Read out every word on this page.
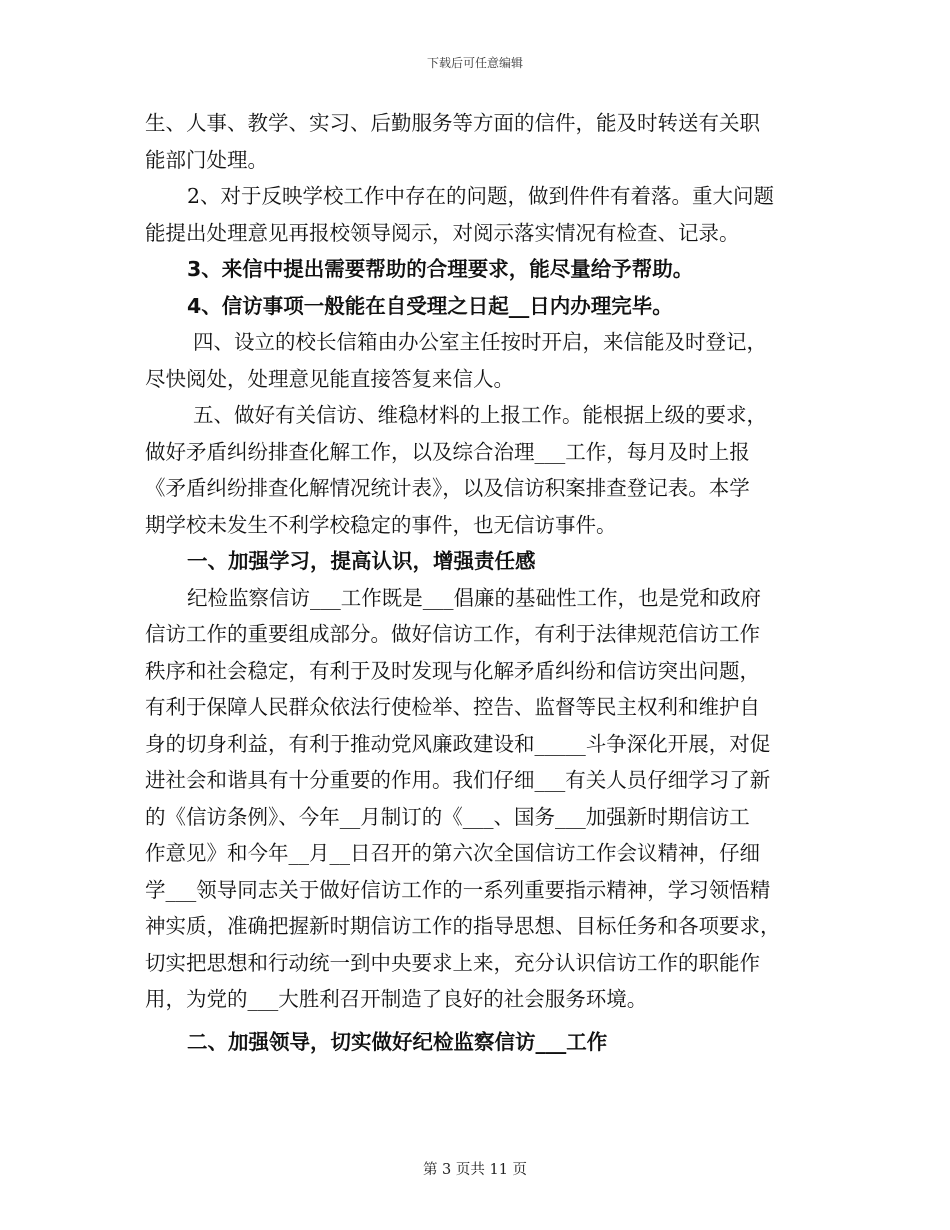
下载后可任意编辑
生、人事、教学、实习、后勤服务等方面的信件，能及时转送有关职
能部门处理。
2、对于反映学校工作中存在的问题，做到件件有着落。重大问题
能提出处理意见再报校领导阅示，对阅示落实情况有检查、记录。
3、来信中提出需要帮助的合理要求，能尽量给予帮助。
4、信访事项一般能在自受理之日起__日内办理完毕。
四、设立的校长信箱由办公室主任按时开启，来信能及时登记，
尽快阅处，处理意见能直接答复来信人。
五、做好有关信访、维稳材料的上报工作。能根据上级的要求，
做好矛盾纠纷排查化解工作，以及综合治理___工作，每月及时上报
《矛盾纠纷排查化解情况统计表》，以及信访积案排查登记表。本学
期学校未发生不利学校稳定的事件，也无信访事件。
一、加强学习，提高认识，增强责任感
纪检监察信访___工作既是___倡廉的基础性工作，也是党和政府
信访工作的重要组成部分。做好信访工作，有利于法律规范信访工作
秩序和社会稳定，有利于及时发现与化解矛盾纠纷和信访突出问题，
有利于保障人民群众依法行使检举、控告、监督等民主权利和维护自
身的切身利益，有利于推动党风廉政建设和_____斗争深化开展，对促
进社会和谐具有十分重要的作用。我们仔细___有关人员仔细学习了新
的《信访条例》、今年__月制订的《___、国务___加强新时期信访工
作意见》和今年__月__日召开的第六次全国信访工作会议精神，仔细
学___领导同志关于做好信访工作的一系列重要指示精神，学习领悟精
神实质，准确把握新时期信访工作的指导思想、目标任务和各项要求，
切实把思想和行动统一到中央要求上来，充分认识信访工作的职能作
用，为党的___大胜利召开制造了良好的社会服务环境。
二、加强领导，切实做好纪检监察信访___工作
第 3 页共 11 页
